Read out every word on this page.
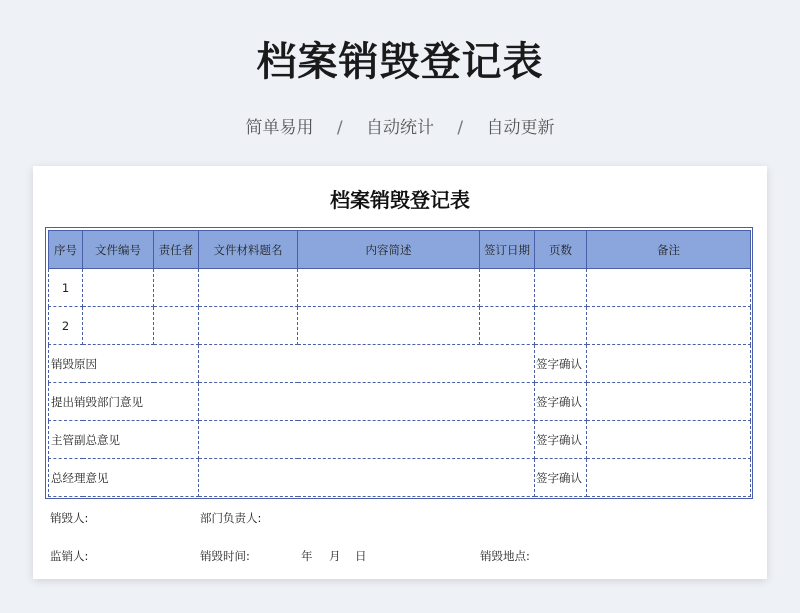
档案销毁登记表
简单易用 / 自动统计 / 自动更新
档案销毁登记表
序号	文件编号	责任者	文件材料题名	内容简述	签订日期	页数	备注
1							
2							
销毁原因						签字确认	
提出销毁部门意见						签字确认	
主管副总意见						签字确认	
总经理意见						签字确认	
销毁人:	部门负责人:
监销人:	销毁时间:	年 月 日	销毁地点:
